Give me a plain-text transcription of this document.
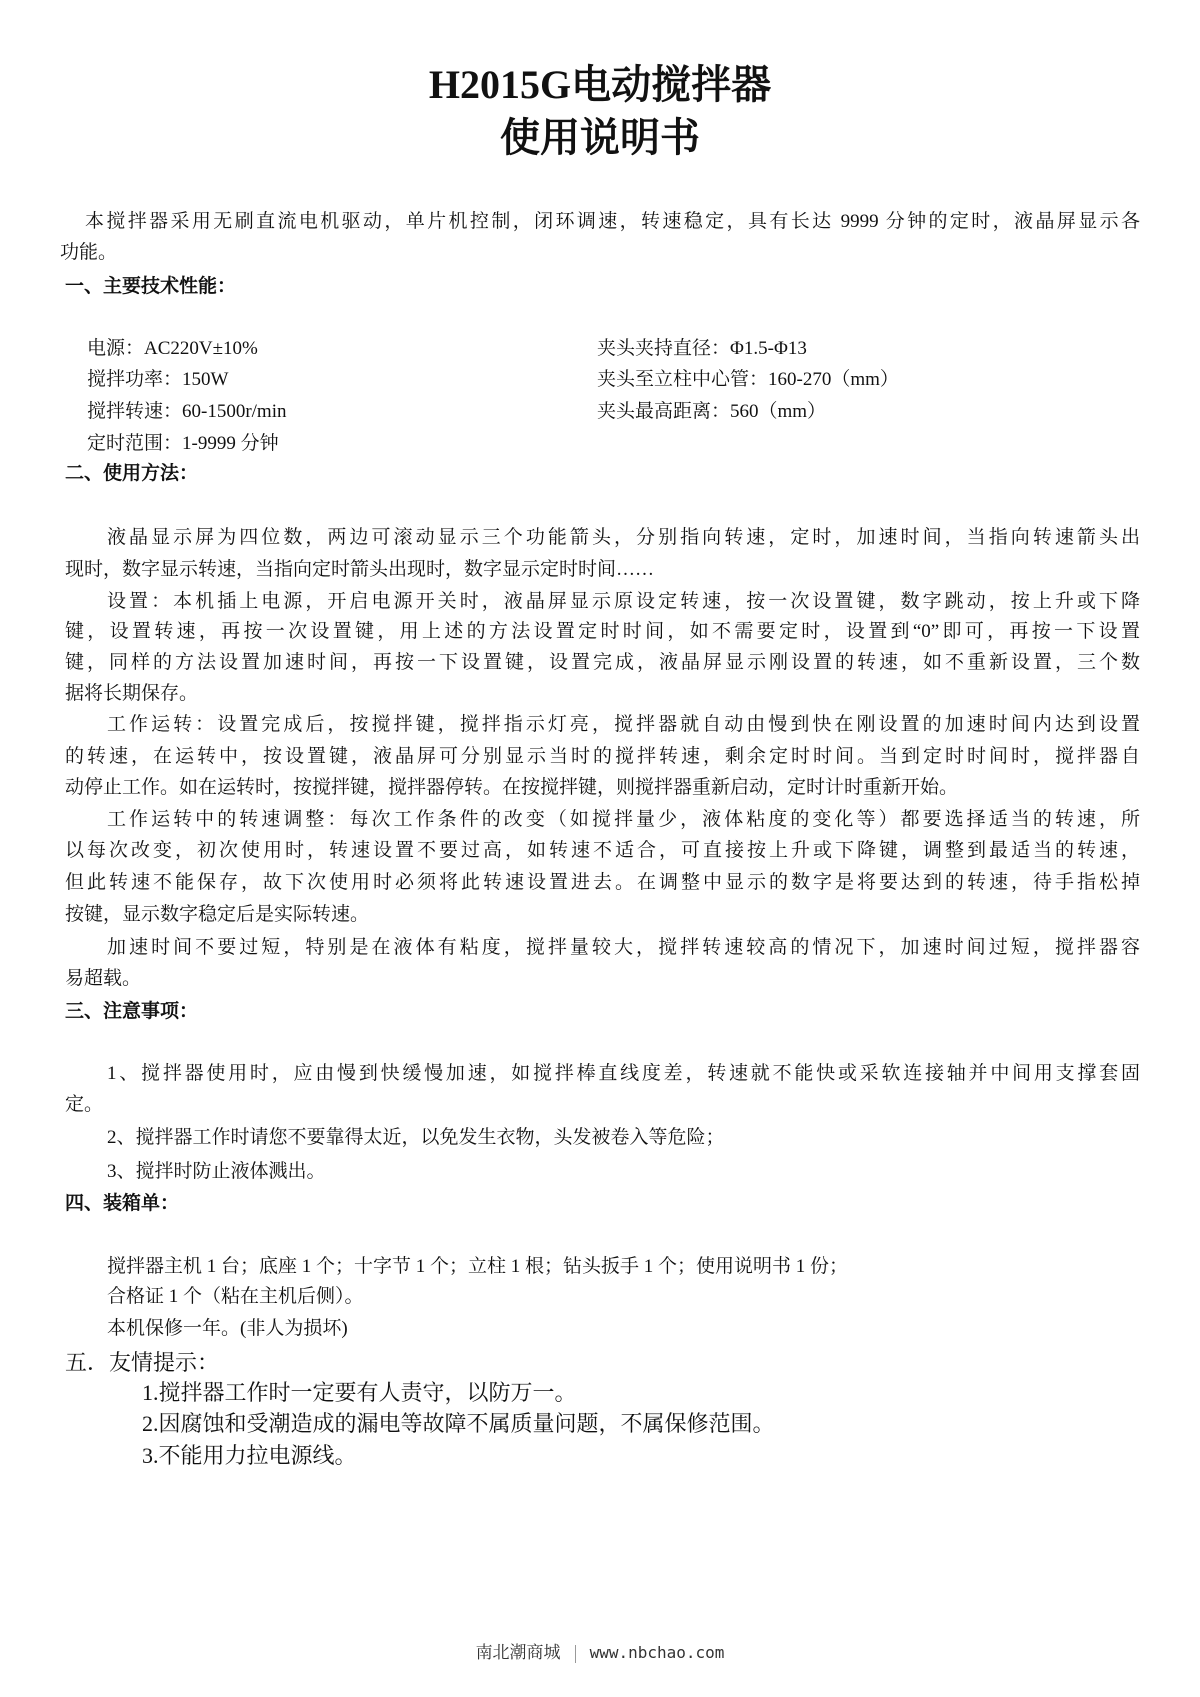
H2015G电动搅拌器
使用说明书
本搅拌器采用无刷直流电机驱动，单片机控制，闭环调速，转速稳定，具有长达 9999 分钟的定时，液晶屏显示各
功能。
一、主要技术性能：
电源：AC220V±10%
搅拌功率：150W
搅拌转速：60-1500r/min
定时范围：1-9999 分钟
夹头夹持直径：Φ1.5-Φ13
夹头至立柱中心管：160-270（mm）
夹头最高距离：560（mm）
二、使用方法：
液晶显示屏为四位数，两边可滚动显示三个功能箭头，分别指向转速，定时，加速时间，当指向转速箭头出
现时，数字显示转速，当指向定时箭头出现时，数字显示定时时间……
设置：本机插上电源，开启电源开关时，液晶屏显示原设定转速，按一次设置键，数字跳动，按上升或下降
键，设置转速，再按一次设置键，用上述的方法设置定时时间，如不需要定时，设置到“0”即可，再按一下设置
键，同样的方法设置加速时间，再按一下设置键，设置完成，液晶屏显示刚设置的转速，如不重新设置，三个数
据将长期保存。
工作运转：设置完成后，按搅拌键，搅拌指示灯亮，搅拌器就自动由慢到快在刚设置的加速时间内达到设置
的转速，在运转中，按设置键，液晶屏可分别显示当时的搅拌转速，剩余定时时间。当到定时时间时，搅拌器自
动停止工作。如在运转时，按搅拌键，搅拌器停转。在按搅拌键，则搅拌器重新启动，定时计时重新开始。
工作运转中的转速调整：每次工作条件的改变（如搅拌量少，液体粘度的变化等）都要选择适当的转速，所
以每次改变，初次使用时，转速设置不要过高，如转速不适合，可直接按上升或下降键，调整到最适当的转速，
但此转速不能保存，故下次使用时必须将此转速设置进去。在调整中显示的数字是将要达到的转速，待手指松掉
按键，显示数字稳定后是实际转速。
加速时间不要过短，特别是在液体有粘度，搅拌量较大，搅拌转速较高的情况下，加速时间过短，搅拌器容
易超载。
三、注意事项：
1、搅拌器使用时，应由慢到快缓慢加速，如搅拌棒直线度差，转速就不能快或采软连接轴并中间用支撑套固
定。
2、搅拌器工作时请您不要靠得太近，以免发生衣物，头发被卷入等危险；
3、搅拌时防止液体溅出。
四、装箱单：
搅拌器主机 1 台；底座 1 个；十字节 1 个；立柱 1 根；钻头扳手 1 个；使用说明书 1 份；
合格证 1 个（粘在主机后侧）。
本机保修一年。(非人为损坏)
五．友情提示：
1.搅拌器工作时一定要有人责守，以防万一。
2.因腐蚀和受潮造成的漏电等故障不属质量问题，不属保修范围。
3.不能用力拉电源线。
南北潮商城 www.nbchao.com
